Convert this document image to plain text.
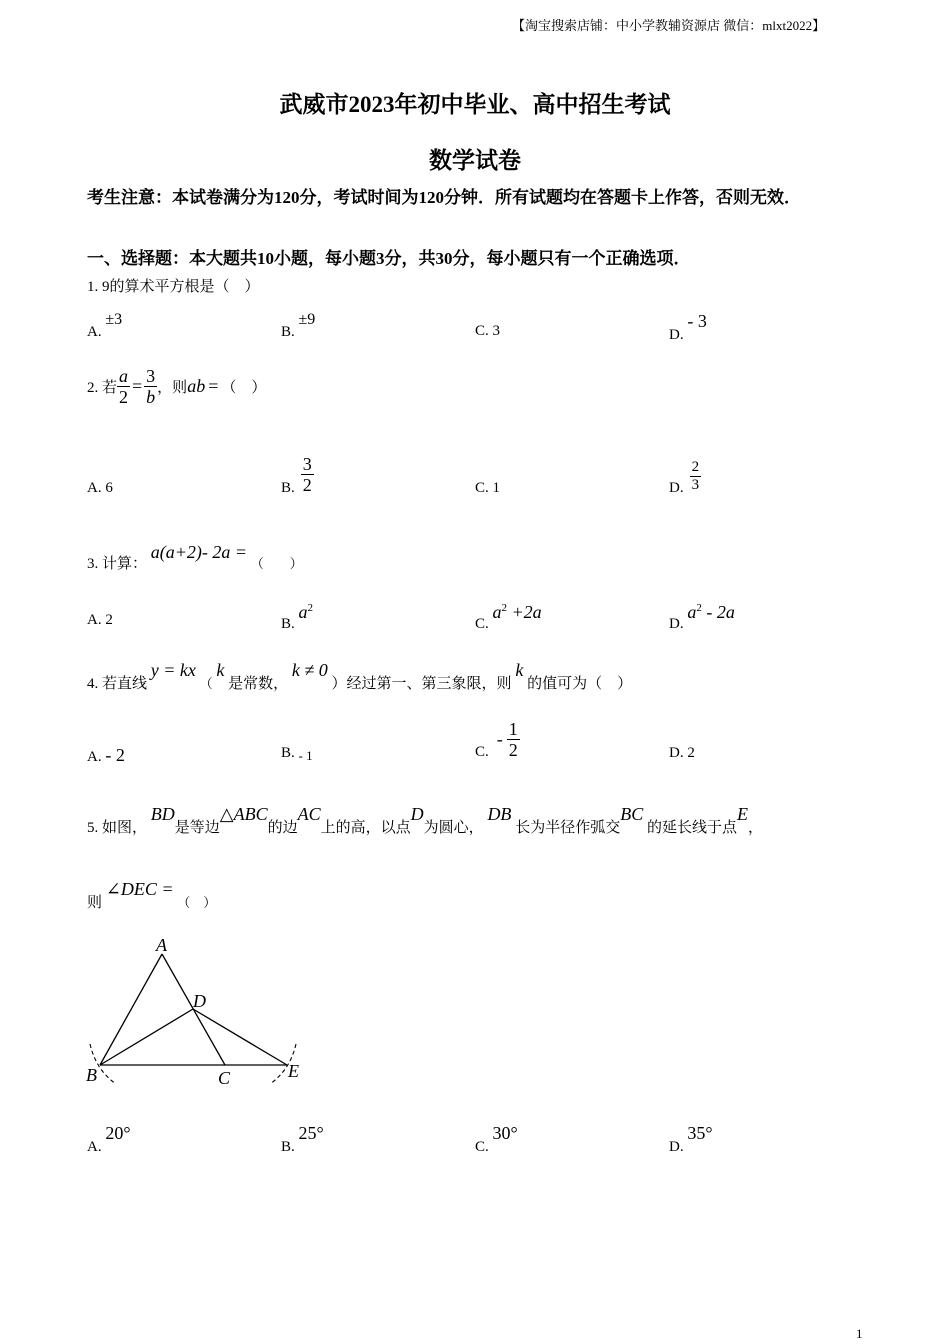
【淘宝搜索店铺：中小学教辅资源店 微信：mlxt2022】
武威市2023年初中毕业、高中招生考试
数学试卷
考生注意：本试卷满分为120分，考试时间为120分钟．所有试题均在答题卡上作答，否则无效．
一、选择题：本大题共10小题，每小题3分，共30分，每小题只有一个正确选项．
1. 9的算术平方根是（　）
A. ±3
B. ±9
C. 3	D. - 3
2. 若 $\frac{a}{2} = \frac{3}{b}$ ，则 ab = （　）
A. 6	B. $\frac{3}{2}$	C. 1	D. $\frac{2}{3}$
3. 计算： a(a+2)- 2a = （　　）
A. 2	B. $a^2$
C. $a^2 +2a$
D. $a^2 - 2a$
4. 若直线 y = kx （ k 是常数， k ≠ 0 ）经过第一、第三象限，则 k 的值可为（　）
A. - 2	B. - 1	C.
- $\frac{1}{2}$	D. 2
5. 如图， BD是等边△ABC的边AC上的高，以点D为圆心， DB 长为半径作弧交BC 的延长线于点E，
则 ∠DEC = （　）
A
D
B	C	E
A. 20°
B. 25°
C. 30°
D. 35°
1
